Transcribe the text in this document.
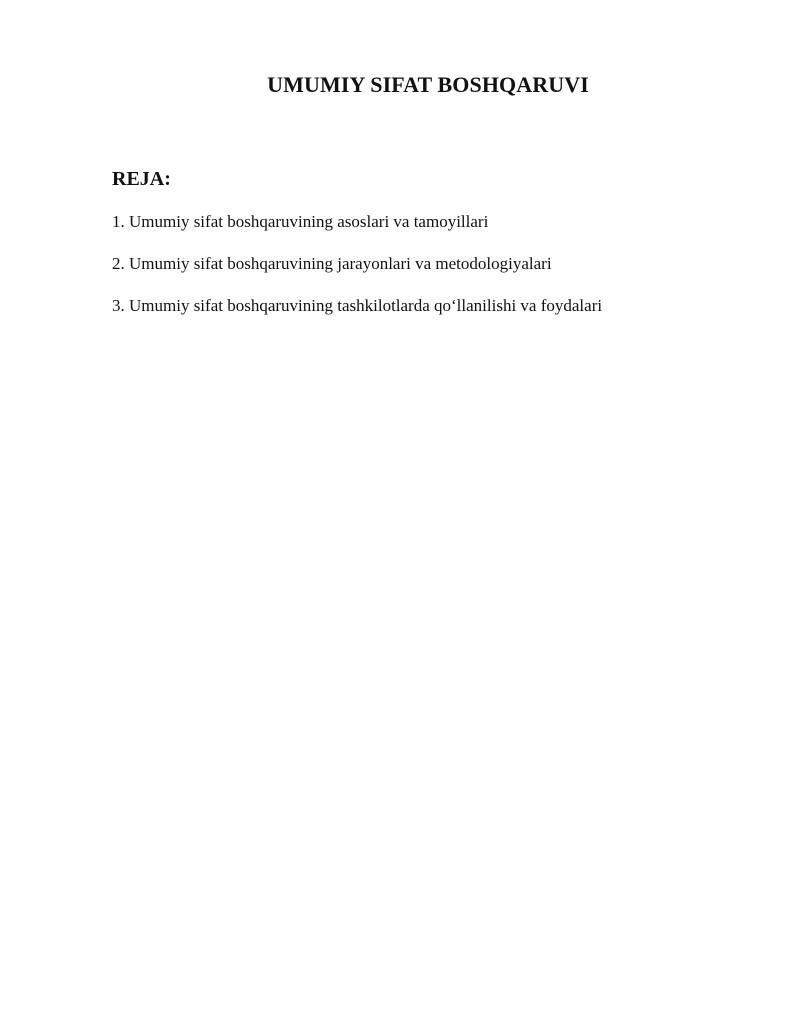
UMUMIY SIFAT BOSHQARUVI
REJA:
1. Umumiy sifat boshqaruvining asoslari va tamoyillari
2. Umumiy sifat boshqaruvining jarayonlari va metodologiyalari
3. Umumiy sifat boshqaruvining tashkilotlarda qo‘llanilishi va foydalari
